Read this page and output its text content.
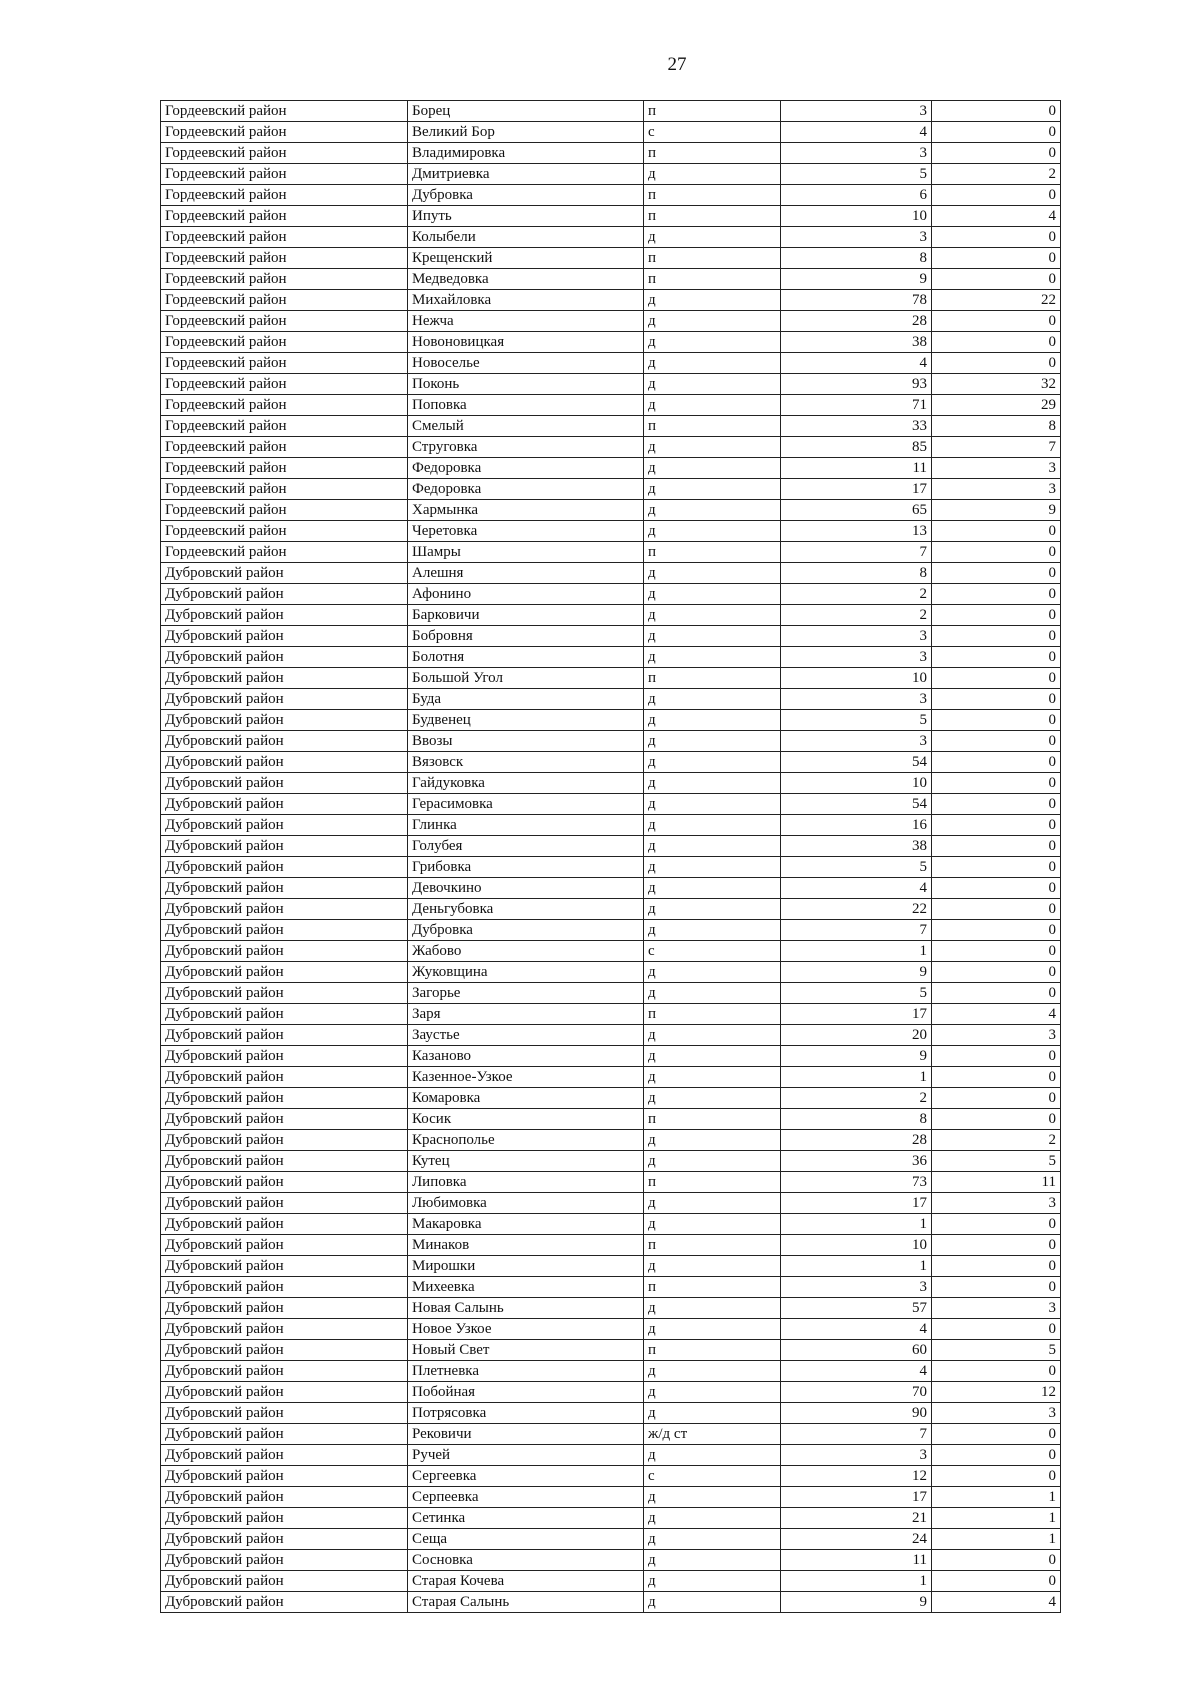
27
Гордеевский район	Борец	п	3	0
Гордеевский район	Великий Бор	с	4	0
Гордеевский район	Владимировка	п	3	0
Гордеевский район	Дмитриевка	д	5	2
Гордеевский район	Дубровка	п	6	0
Гордеевский район	Ипуть	п	10	4
Гордеевский район	Колыбели	д	3	0
Гордеевский район	Крещенский	п	8	0
Гордеевский район	Медведовка	п	9	0
Гордеевский район	Михайловка	д	78	22
Гордеевский район	Нежча	д	28	0
Гордеевский район	Новоновицкая	д	38	0
Гордеевский район	Новоселье	д	4	0
Гордеевский район	Поконь	д	93	32
Гордеевский район	Поповка	д	71	29
Гордеевский район	Смелый	п	33	8
Гордеевский район	Струговка	д	85	7
Гордеевский район	Федоровка	д	11	3
Гордеевский район	Федоровка	д	17	3
Гордеевский район	Хармынка	д	65	9
Гордеевский район	Черетовка	д	13	0
Гордеевский район	Шамры	п	7	0
Дубровский район	Алешня	д	8	0
Дубровский район	Афонино	д	2	0
Дубровский район	Барковичи	д	2	0
Дубровский район	Бобровня	д	3	0
Дубровский район	Болотня	д	3	0
Дубровский район	Большой Угол	п	10	0
Дубровский район	Буда	д	3	0
Дубровский район	Будвенец	д	5	0
Дубровский район	Ввозы	д	3	0
Дубровский район	Вязовск	д	54	0
Дубровский район	Гайдуковка	д	10	0
Дубровский район	Герасимовка	д	54	0
Дубровский район	Глинка	д	16	0
Дубровский район	Голубея	д	38	0
Дубровский район	Грибовка	д	5	0
Дубровский район	Девочкино	д	4	0
Дубровский район	Деньгубовка	д	22	0
Дубровский район	Дубровка	д	7	0
Дубровский район	Жабово	с	1	0
Дубровский район	Жуковщина	д	9	0
Дубровский район	Загорье	д	5	0
Дубровский район	Заря	п	17	4
Дубровский район	Заустье	д	20	3
Дубровский район	Казаново	д	9	0
Дубровский район	Казенное-Узкое	д	1	0
Дубровский район	Комаровка	д	2	0
Дубровский район	Косик	п	8	0
Дубровский район	Краснополье	д	28	2
Дубровский район	Кутец	д	36	5
Дубровский район	Липовка	п	73	11
Дубровский район	Любимовка	д	17	3
Дубровский район	Макаровка	д	1	0
Дубровский район	Минаков	п	10	0
Дубровский район	Мирошки	д	1	0
Дубровский район	Михеевка	п	3	0
Дубровский район	Новая Салынь	д	57	3
Дубровский район	Новое Узкое	д	4	0
Дубровский район	Новый Свет	п	60	5
Дубровский район	Плетневка	д	4	0
Дубровский район	Побойная	д	70	12
Дубровский район	Потрясовка	д	90	3
Дубровский район	Рековичи	ж/д ст	7	0
Дубровский район	Ручей	д	3	0
Дубровский район	Сергеевка	с	12	0
Дубровский район	Серпеевка	д	17	1
Дубровский район	Сетинка	д	21	1
Дубровский район	Сеща	д	24	1
Дубровский район	Сосновка	д	11	0
Дубровский район	Старая Кочева	д	1	0
Дубровский район	Старая Салынь	д	9	4
